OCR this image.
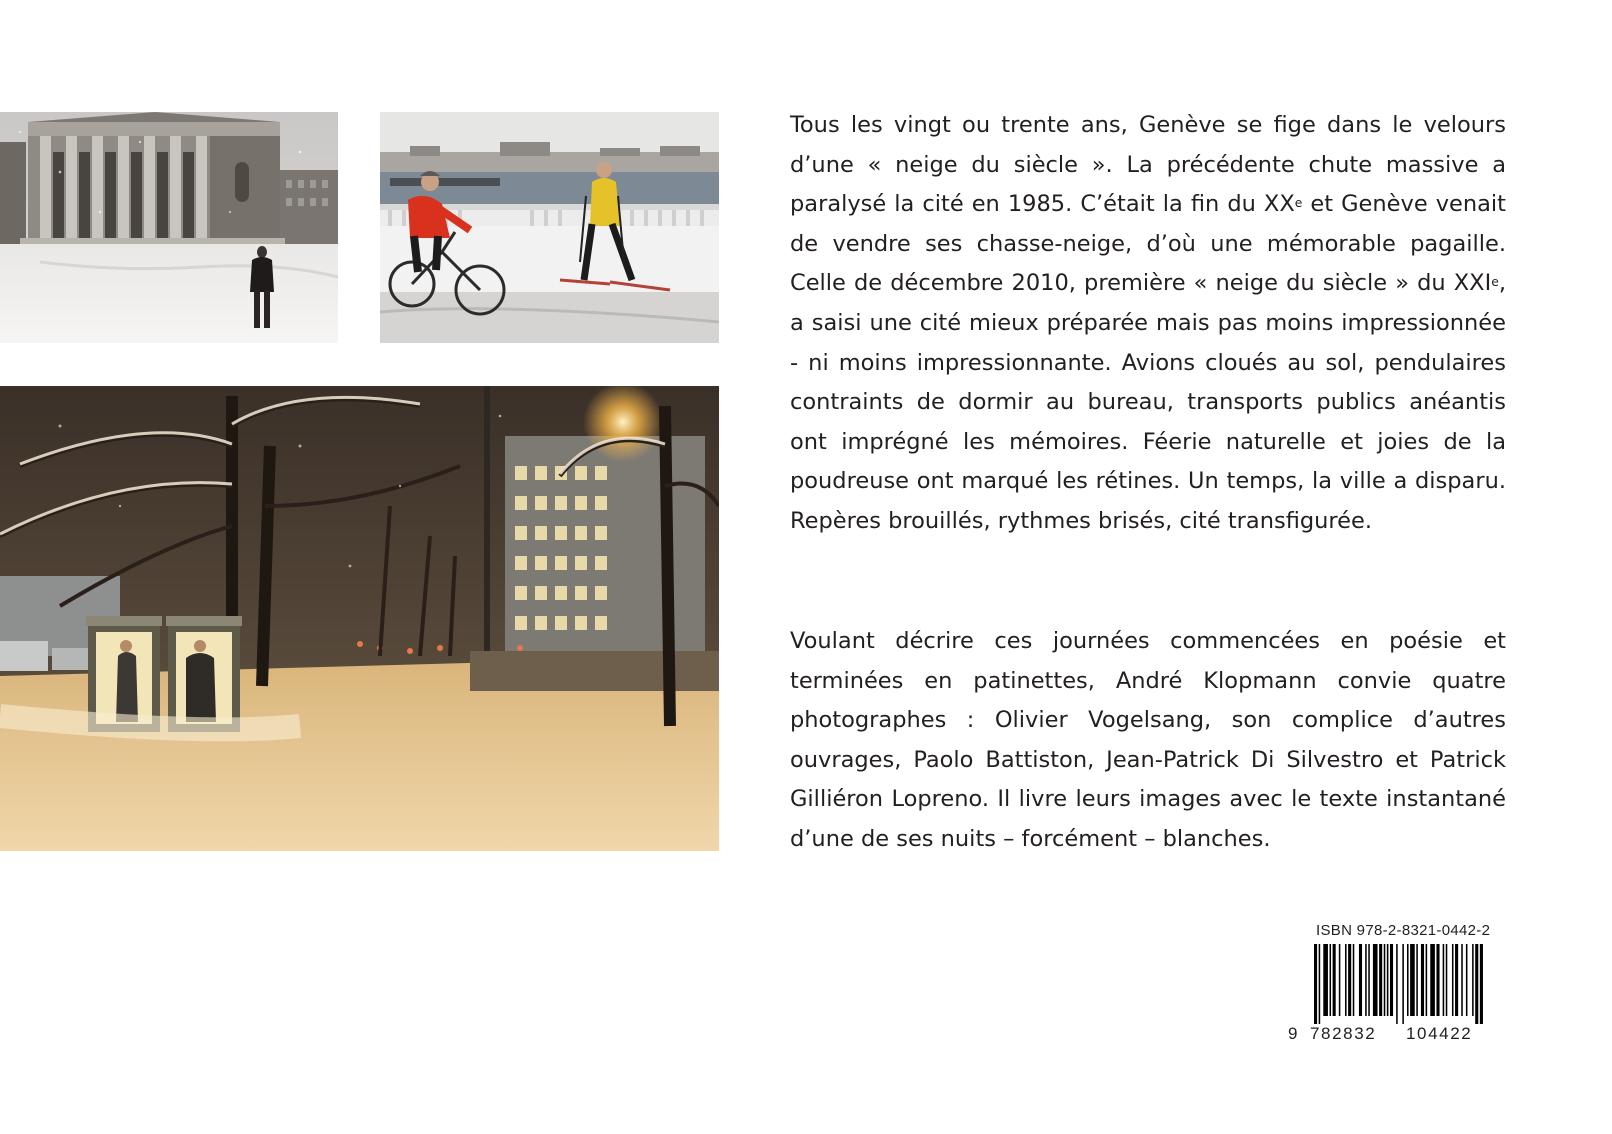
Tous les vingt ou trente ans, Genève se fige dans le velours d’une « neige du siècle ». La précédente chute massive a paralysé la cité en 1985. C’était la fin du XXe et Genève venait de vendre ses chasse-neige, d’où une mémorable pagaille. Celle de décembre 2010, première « neige du siècle » du XXIe, a saisi une cité mieux préparée mais pas moins impressionnée - ni moins impressionnante. Avions cloués au sol, pendulaires contraints de dormir au bureau, transports publics anéantis ont imprégné les mémoires. Féerie naturelle et joies de la poudreuse ont marqué les rétines. Un temps, la ville a disparu. Repères brouillés, rythmes brisés, cité transfigurée.

Voulant décrire ces journées commencées en poésie et terminées en patinettes, André Klopmann convie quatre photographes : Olivier Vogelsang, son complice d’autres ouvrages, Paolo Battiston, Jean-Patrick Di Silvestro et Patrick Gilliéron Lopreno. Il livre leurs images avec le texte instantané d’une de ses nuits – forcément – blanches.

9 782832 104422
ISBN 978-2-8321-0442-2
